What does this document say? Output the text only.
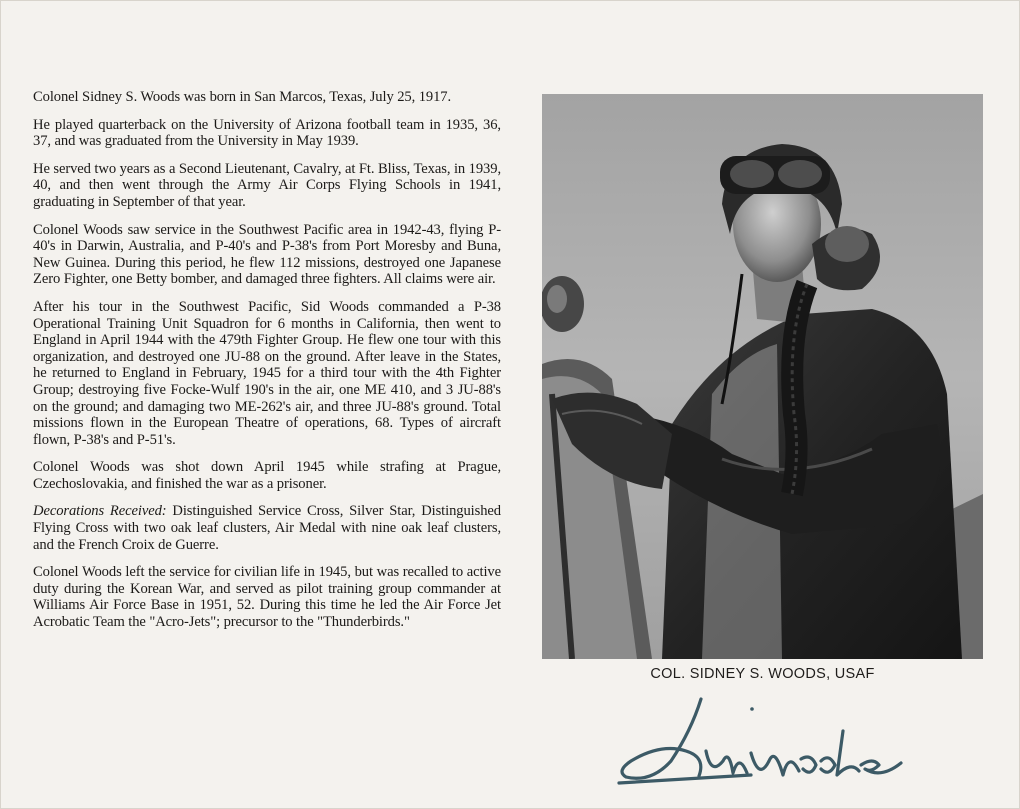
Colonel Sidney S. Woods was born in San Marcos, Texas, July 25, 1917.

He played quarterback on the University of Arizona football team in 1935, 36, 37, and was graduated from the University in May 1939.

He served two years as a Second Lieutenant, Cavalry, at Ft. Bliss, Texas, in 1939, 40, and then went through the Army Air Corps Flying Schools in 1941, graduating in September of that year.

Colonel Woods saw service in the Southwest Pacific area in 1942-43, flying P-40's in Darwin, Australia, and P-40's and P-38's from Port Moresby and Buna, New Guinea. During this period, he flew 112 missions, destroyed one Japanese Zero Fighter, one Betty bomber, and damaged three fighters. All claims were air.

After his tour in the Southwest Pacific, Sid Woods commanded a P-38 Operational Training Unit Squadron for 6 months in California, then went to England in April 1944 with the 479th Fighter Group. He flew one tour with this organization, and destroyed one JU-88 on the ground. After leave in the States, he returned to England in February, 1945 for a third tour with the 4th Fighter Group; destroying five Focke-Wulf 190's in the air, one ME 410, and 3 JU-88's on the ground; and damaging two ME-262's air, and three JU-88's ground. Total missions flown in the European Theatre of operations, 68. Types of aircraft flown, P-38's and P-51's.

Colonel Woods was shot down April 1945 while strafing at Prague, Czechoslovakia, and finished the war as a prisoner.

Decorations Received: Distinguished Service Cross, Silver Star, Distinguished Flying Cross with two oak leaf clusters, Air Medal with nine oak leaf clusters, and the French Croix de Guerre.

Colonel Woods left the service for civilian life in 1945, but was recalled to active duty during the Korean War, and served as pilot training group commander at Williams Air Force Base in 1951, 52. During this time he led the Air Force Jet Acrobatic Team the "Acro-Jets"; precursor to the "Thunderbirds."

COL. SIDNEY S. WOODS, USAF
